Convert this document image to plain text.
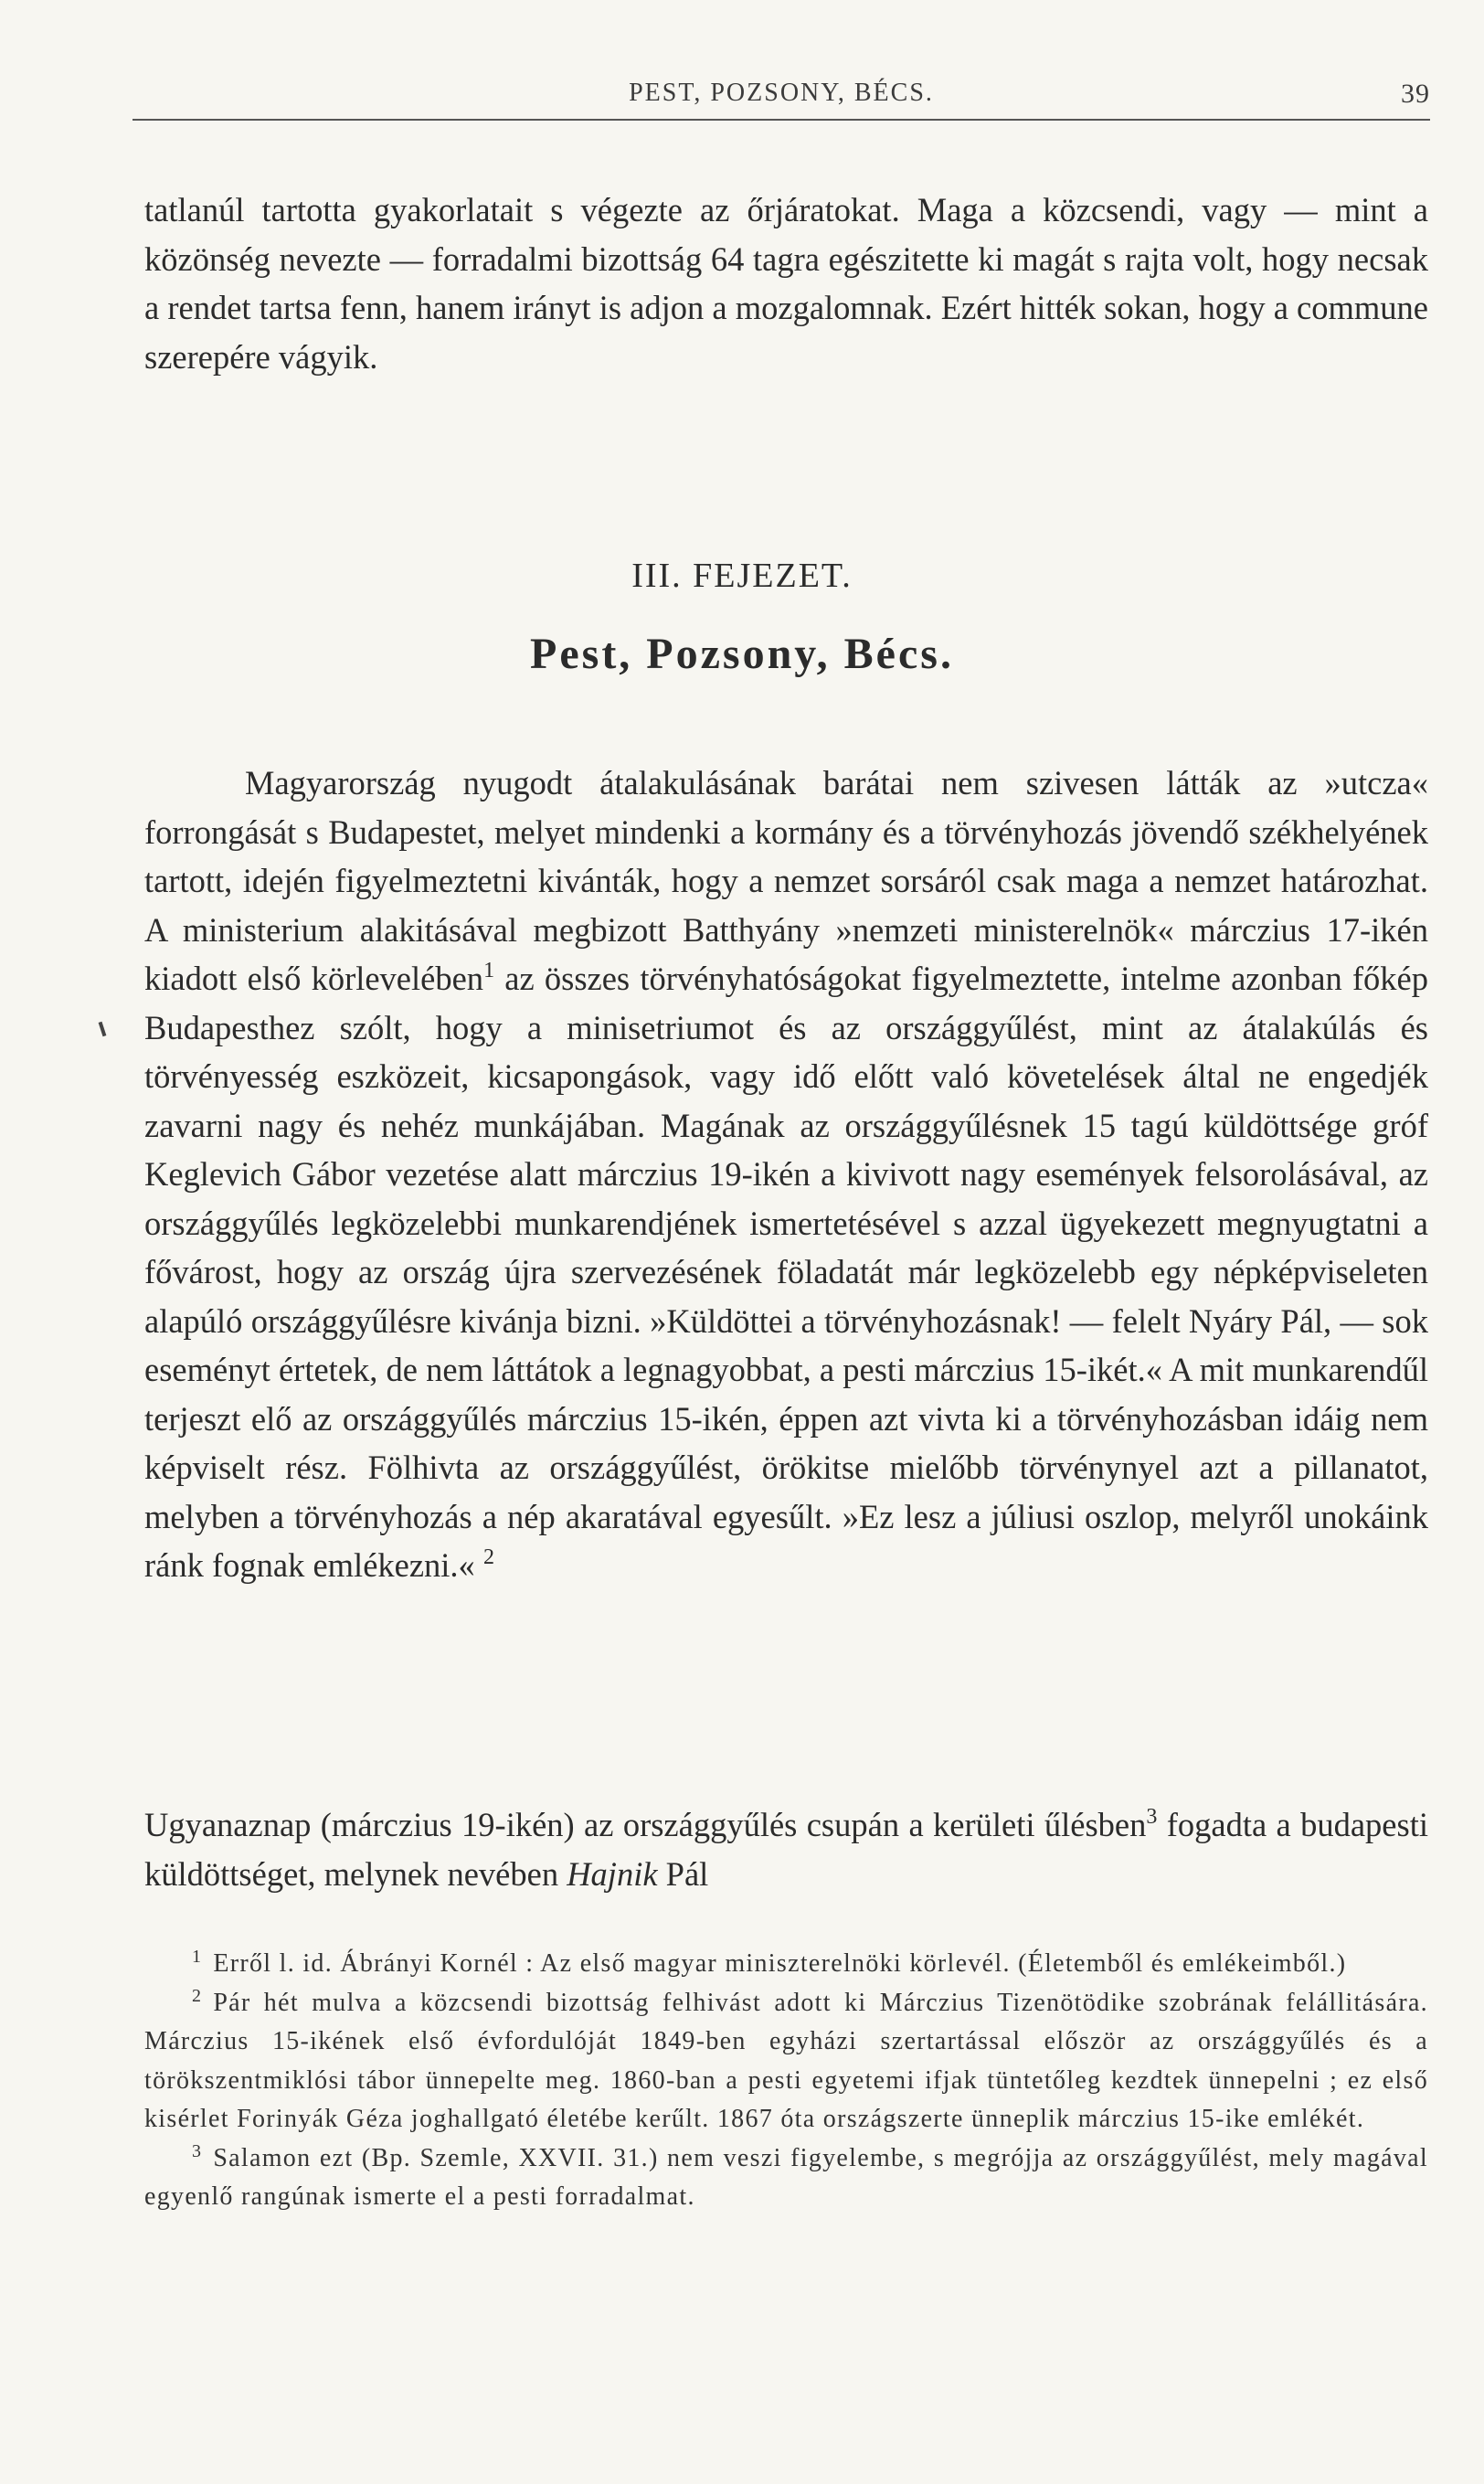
PEST, POZSONY, BÉCS.	39

tatlanúl tartotta gyakorlatait s végezte az őrjáratokat. Maga a közcsendi, vagy — mint a közönség nevezte — forradalmi bizottság 64 tagra egészitette ki magát s rajta volt, hogy necsak a rendet tartsa fenn, hanem irányt is adjon a mozgalomnak. Ezért hitték sokan, hogy a commune szerepére vágyik.

III. FEJEZET.
Pest, Pozsony, Bécs.

Magyarország nyugodt átalakulásának barátai nem szivesen látták az »utcza« forrongását s Budapestet, melyet mindenki a kormány és a törvényhozás jövendő székhelyének tartott, idején figyelmeztetni kivánták, hogy a nemzet sorsáról csak maga a nemzet határozhat. A ministerium alakitásával megbizott Batthyány »nemzeti ministerelnök« márczius 17-ikén kiadott első körlevelében$^1$ az összes törvényhatóságokat figyelmeztette, intelme azonban főkép Budapesthez szólt, hogy a minisetriumot és az országgyűlést, mint az átalakúlás és törvényesség eszközeit, kicsapongások, vagy idő előtt való követelések által ne engedjék zavarni nagy és nehéz munkájában. Magának az országgyűlésnek 15 tagú küldöttsége gróf Keglevich Gábor vezetése alatt márczius 19-ikén a kivivott nagy események felsorolásával, az országgyűlés legközelebbi munkarendjének ismertetésével s azzal ügyekezett megnyugtatni a fővárost, hogy az ország újra szervezésének föladatát már legközelebb egy népképviseleten alapúló országgyűlésre kivánja bizni. »Küldöttei a törvényhozásnak! — felelt Nyáry Pál, — sok eseményt értetek, de nem láttátok a legnagyobbat, a pesti márczius 15-ikét.« A mit munkarendűl terjeszt elő az országgyűlés márczius 15-ikén, éppen azt vivta ki a törvényhozásban idáig nem képviselt rész. Fölhivta az országgyűlést, örökitse mielőbb törvénynyel azt a pillanatot, melyben a törvényhozás a nép akaratával egyesűlt. »Ez lesz a júliusi oszlop, melyről unokáink ránk fognak emlékezni.« $^2$

Ugyanaznap (márczius 19-ikén) az országgyűlés csupán a kerületi űlésben$^3$ fogadta a budapesti küldöttséget, melynek nevében Hajnik Pál

$^1$ Erről l. id. Ábrányi Kornél : Az első magyar miniszterelnöki körlevél. (Életemből és emlékeimből.)

$^2$ Pár hét mulva a közcsendi bizottság felhivást adott ki Márczius Tizenötödike szobrának felállitására. Márczius 15-ikének első évfordulóját 1849-ben egyházi szertartással először az országgyűlés és a törökszentmiklósi tábor ünnepelte meg. 1860-ban a pesti egyetemi ifjak tüntetőleg kezdtek ünnepelni ; ez első kisérlet Forinyák Géza joghallgató életébe kerűlt. 1867 óta országszerte ünneplik márczius 15-ike emlékét.

$^3$ Salamon ezt (Bp. Szemle, XXVII. 31.) nem veszi figyelembe, s megrójja az országgyűlést, mely magával egyenlő rangúnak ismerte el a pesti forradalmat.
